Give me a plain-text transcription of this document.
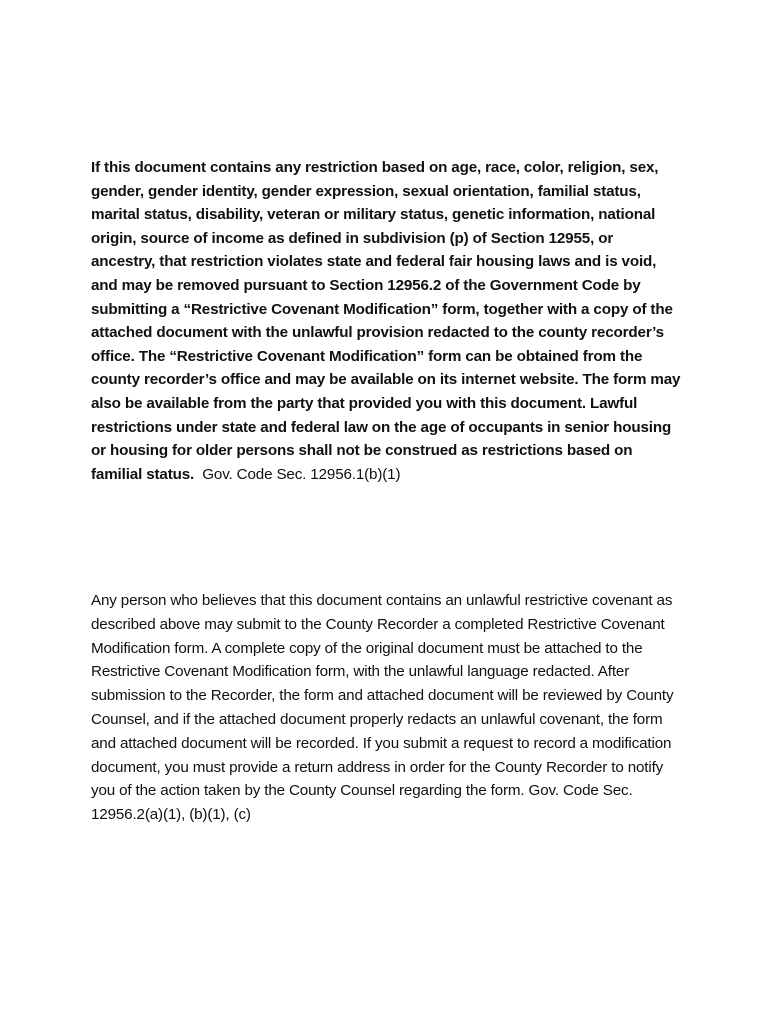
If this document contains any restriction based on age, race, color, religion, sex, gender, gender identity, gender expression, sexual orientation, familial status, marital status, disability, veteran or military status, genetic information, national origin, source of income as defined in subdivision (p) of Section 12955, or ancestry, that restriction violates state and federal fair housing laws and is void, and may be removed pursuant to Section 12956.2 of the Government Code by submitting a “Restrictive Covenant Modification” form, together with a copy of the attached document with the unlawful provision redacted to the county recorder’s office. The “Restrictive Covenant Modification” form can be obtained from the county recorder’s office and may be available on its internet website. The form may also be available from the party that provided you with this document. Lawful restrictions under state and federal law on the age of occupants in senior housing or housing for older persons shall not be construed as restrictions based on familial status. Gov. Code Sec. 12956.1(b)(1)

Any person who believes that this document contains an unlawful restrictive covenant as described above may submit to the County Recorder a completed Restrictive Covenant Modification form. A complete copy of the original document must be attached to the Restrictive Covenant Modification form, with the unlawful language redacted. After submission to the Recorder, the form and attached document will be reviewed by County Counsel, and if the attached document properly redacts an unlawful covenant, the form and attached document will be recorded. If you submit a request to record a modification document, you must provide a return address in order for the County Recorder to notify you of the action taken by the County Counsel regarding the form. Gov. Code Sec. 12956.2(a)(1), (b)(1), (c)
